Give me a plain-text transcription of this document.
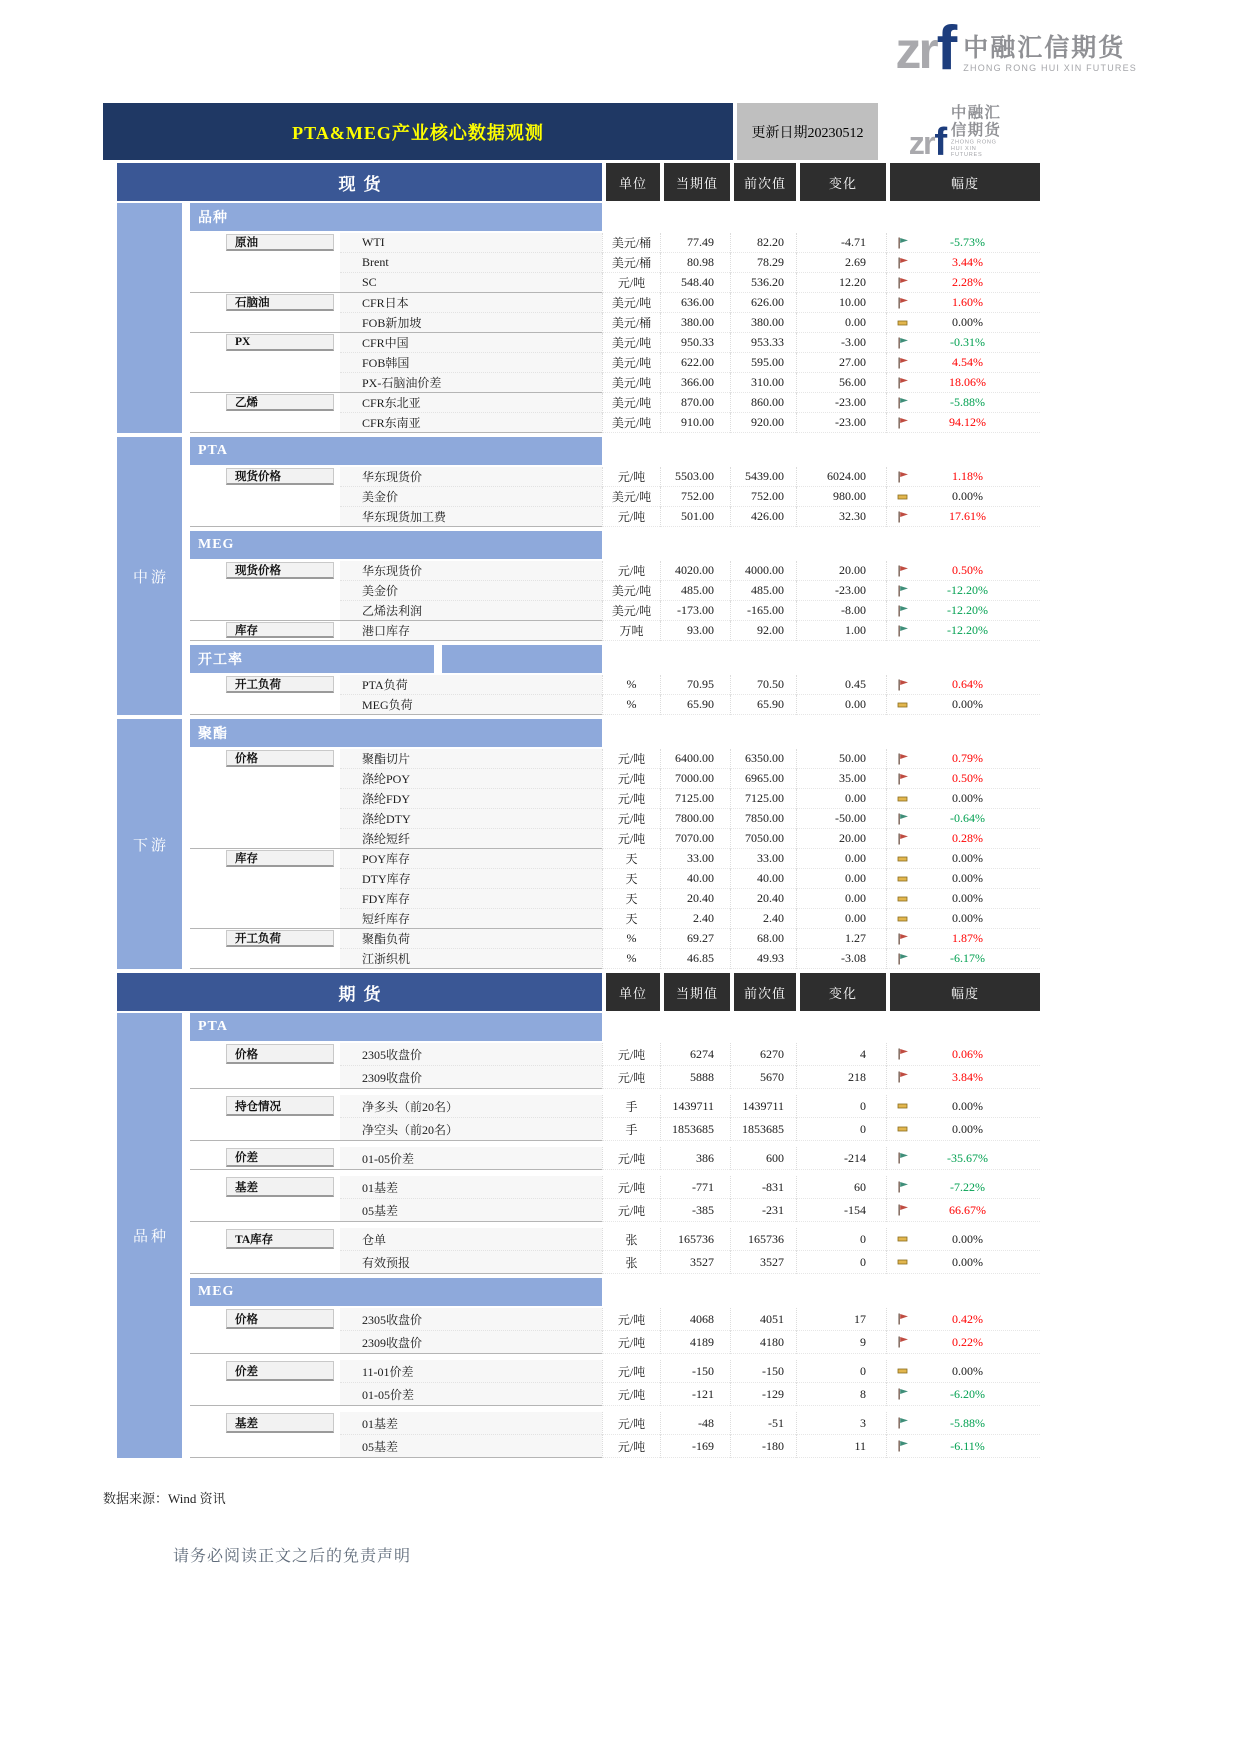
zr f 中融汇信期货
ZHONG RONG HUI XIN FUTURES
PTA&MEG产业核心数据观测	更新日期20230512 zr f
中融汇信期货
ZHONG RONG HUI XIN FUTURES
现货	单位	当期值	前次值	变化	幅度
品种
原油	WTI	美元/桶	77.49	82.20	-4.71	-5.73%
Brent	美元/桶	80.98	78.29	2.69	3.44%
SC	元/吨	548.40	536.20	12.20	2.28%
石脑油	CFR日本	美元/吨	636.00	626.00	10.00	1.60%
FOB新加坡	美元/桶	380.00	380.00	0.00	0.00%
PX	CFR中国	美元/吨	950.33	953.33	-3.00	-0.31%
FOB韩国	美元/吨	622.00	595.00	27.00	4.54%
PX-石脑油价差	美元/吨	366.00	310.00	56.00	18.06%
乙烯	CFR东北亚	美元/吨	870.00	860.00	-23.00	-5.88%
CFR东南亚	美元/吨	910.00	920.00	-23.00	94.12%
中游
PTA
现货价格	华东现货价	元/吨	5503.00	5439.00	6024.00	1.18%
美金价	美元/吨	752.00	752.00	980.00	0.00%
华东现货加工费	元/吨	501.00	426.00	32.30	17.61%
MEG
现货价格	华东现货价	元/吨	4020.00	4000.00	20.00	0.50%
美金价	美元/吨	485.00	485.00	-23.00	-12.20%
乙烯法利润	美元/吨	-173.00	-165.00	-8.00	-12.20%
库存	港口库存	万吨	93.00	92.00	1.00	-12.20%
开工率
开工负荷	PTA负荷	%	70.95	70.50	0.45	0.64%
MEG负荷	%	65.90	65.90	0.00	0.00%
下游
聚酯
价格	聚酯切片	元/吨	6400.00	6350.00	50.00	0.79%
涤纶POY	元/吨	7000.00	6965.00	35.00	0.50%
涤纶FDY	元/吨	7125.00	7125.00	0.00	0.00%
涤纶DTY	元/吨	7800.00	7850.00	-50.00	-0.64%
涤纶短纤	元/吨	7070.00	7050.00	20.00	0.28%
库存	POY库存	天	33.00	33.00	0.00	0.00%
DTY库存	天	40.00	40.00	0.00	0.00%
FDY库存	天	20.40	20.40	0.00	0.00%
短纤库存	天	2.40	2.40	0.00	0.00%
开工负荷	聚酯负荷	%	69.27	68.00	1.27	1.87%
江浙织机	%	46.85	49.93	-3.08	-6.17%
期货	单位	当期值	前次值	变化	幅度
品种
PTA
价格	2305收盘价	元/吨	6274	6270	4	0.06%
2309收盘价	元/吨	5888	5670	218	3.84%
持仓情况	净多头（前20名）	手	1439711	1439711	0	0.00%
净空头（前20名）	手	1853685	1853685	0	0.00%
价差	01-05价差	元/吨	386	600	-214	-35.67%
基差	01基差	元/吨	-771	-831	60	-7.22%
05基差	元/吨	-385	-231	-154	66.67%
TA库存	仓单	张	165736	165736	0	0.00%
有效预报	张	3527	3527	0	0.00%
MEG
价格	2305收盘价	元/吨	4068	4051	17	0.42%
2309收盘价	元/吨	4189	4180	9	0.22%
价差	11-01价差	元/吨	-150	-150	0	0.00%
01-05价差	元/吨	-121	-129	8	-6.20%
基差	01基差	元/吨	-48	-51	3	-5.88%
05基差	元/吨	-169	-180	11	-6.11%
数据来源：Wind 资讯
请务必阅读正文之后的免责声明
